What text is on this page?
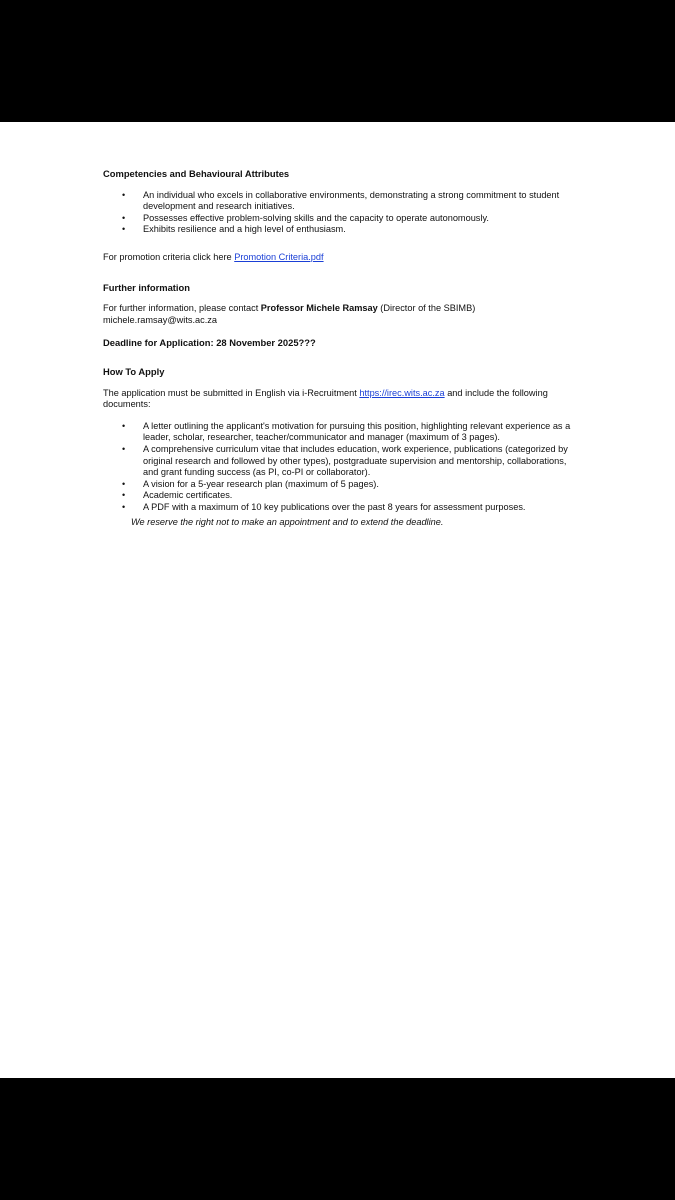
Competencies and Behavioural Attributes

• An individual who excels in collaborative environments, demonstrating a strong commitment to student development and research initiatives.
• Possesses effective problem-solving skills and the capacity to operate autonomously.
• Exhibits resilience and a high level of enthusiasm.

For promotion criteria click here Promotion Criteria.pdf

Further information

For further information, please contact Professor Michele Ramsay (Director of the SBIMB)
michele.ramsay@wits.ac.za

Deadline for Application: 28 November 2025???

How To Apply

The application must be submitted in English via i-Recruitment https://irec.wits.ac.za and include the following documents:

• A letter outlining the applicant's motivation for pursuing this position, highlighting relevant experience as a leader, scholar, researcher, teacher/communicator and manager (maximum of 3 pages).
• A comprehensive curriculum vitae that includes education, work experience, publications (categorized by original research and followed by other types), postgraduate supervision and mentorship, collaborations, and grant funding success (as PI, co-PI or collaborator).
• A vision for a 5-year research plan (maximum of 5 pages).
• Academic certificates.
• A PDF with a maximum of 10 key publications over the past 8 years for assessment purposes.

We reserve the right not to make an appointment and to extend the deadline.
